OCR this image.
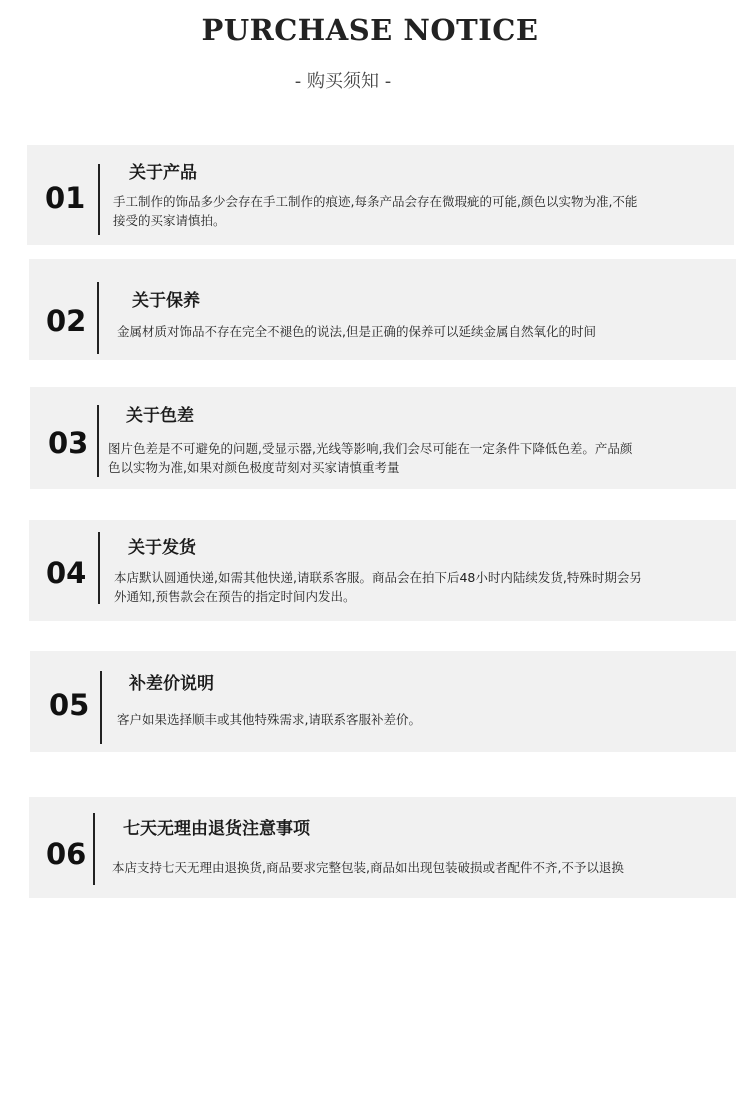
PURCHASE NOTICE
- 购买须知 -
01
关于产品
手工制作的饰品多少会存在手工制作的痕迹,每条产品会存在微瑕疵的可能,颜色以实物为准,不能
接受的买家请慎拍。
02
关于保养
金属材质对饰品不存在完全不褪色的说法,但是正确的保养可以延续金属自然氧化的时间
03
关于色差
图片色差是不可避免的问题,受显示器,光线等影响,我们会尽可能在一定条件下降低色差。产品颜
色以实物为准,如果对颜色极度苛刻对买家请慎重考量
04
关于发货
本店默认圆通快递,如需其他快递,请联系客服。商品会在拍下后48小时内陆续发货,特殊时期会另
外通知,预售款会在预告的指定时间内发出。
05
补差价说明
客户如果选择顺丰或其他特殊需求,请联系客服补差价。
06
七天无理由退货注意事项
本店支持七天无理由退换货,商品要求完整包装,商品如出现包装破损或者配件不齐,不予以退换
